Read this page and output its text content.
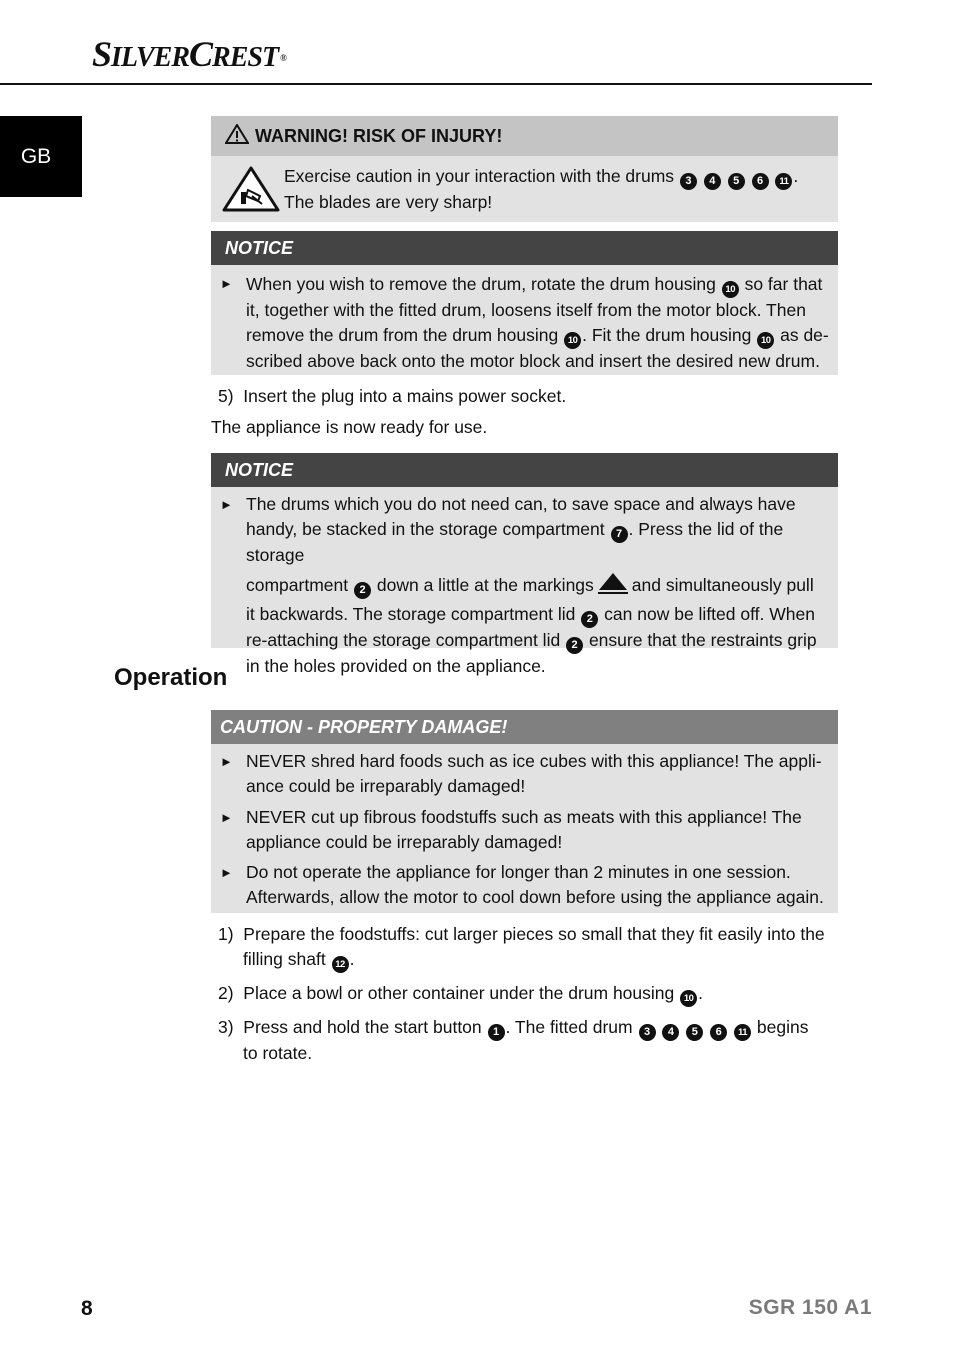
SILVERCREST ®
GB
WARNING! RISK OF INJURY!
Exercise caution in your interaction with the drums 3 4 5 6 11 .
The blades are very sharp!
NOTICE
► When you wish to remove the drum, rotate the drum housing 10 so far that
it, together with the fitted drum, loosens itself from the motor block. Then
remove the drum from the drum housing 10 . Fit the drum housing 10 as de-
scribed above back onto the motor block and insert the desired new drum.
5) Insert the plug into a mains power socket.
The appliance is now ready for use.
NOTICE
► The drums which you do not need can, to save space and always have
handy, be stacked in the storage compartment 7 . Press the lid of the storage
compartment 2 down a little at the markings and simultaneously pull
it backwards. The storage compartment lid 2 can now be lifted off. When
re-attaching the storage compartment lid 2 ensure that the restraints grip
in the holes provided on the appliance.
Operation
CAUTION - PROPERTY DAMAGE!
► NEVER shred hard foods such as ice cubes with this appliance! The appli-
ance could be irreparably damaged!
► NEVER cut up fibrous foodstuffs such as meats with this appliance! The
appliance could be irreparably damaged!
► Do not operate the appliance for longer than 2 minutes in one session.
Afterwards, allow the motor to cool down before using the appliance again.
1) Prepare the foodstuffs: cut larger pieces so small that they fit easily into the
filling shaft 12 .
2) Place a bowl or other container under the drum housing 10 .
3) Press and hold the start button 1 . The fitted drum 3 4 5 6 11 begins
to rotate.
8	SGR 150 A1
